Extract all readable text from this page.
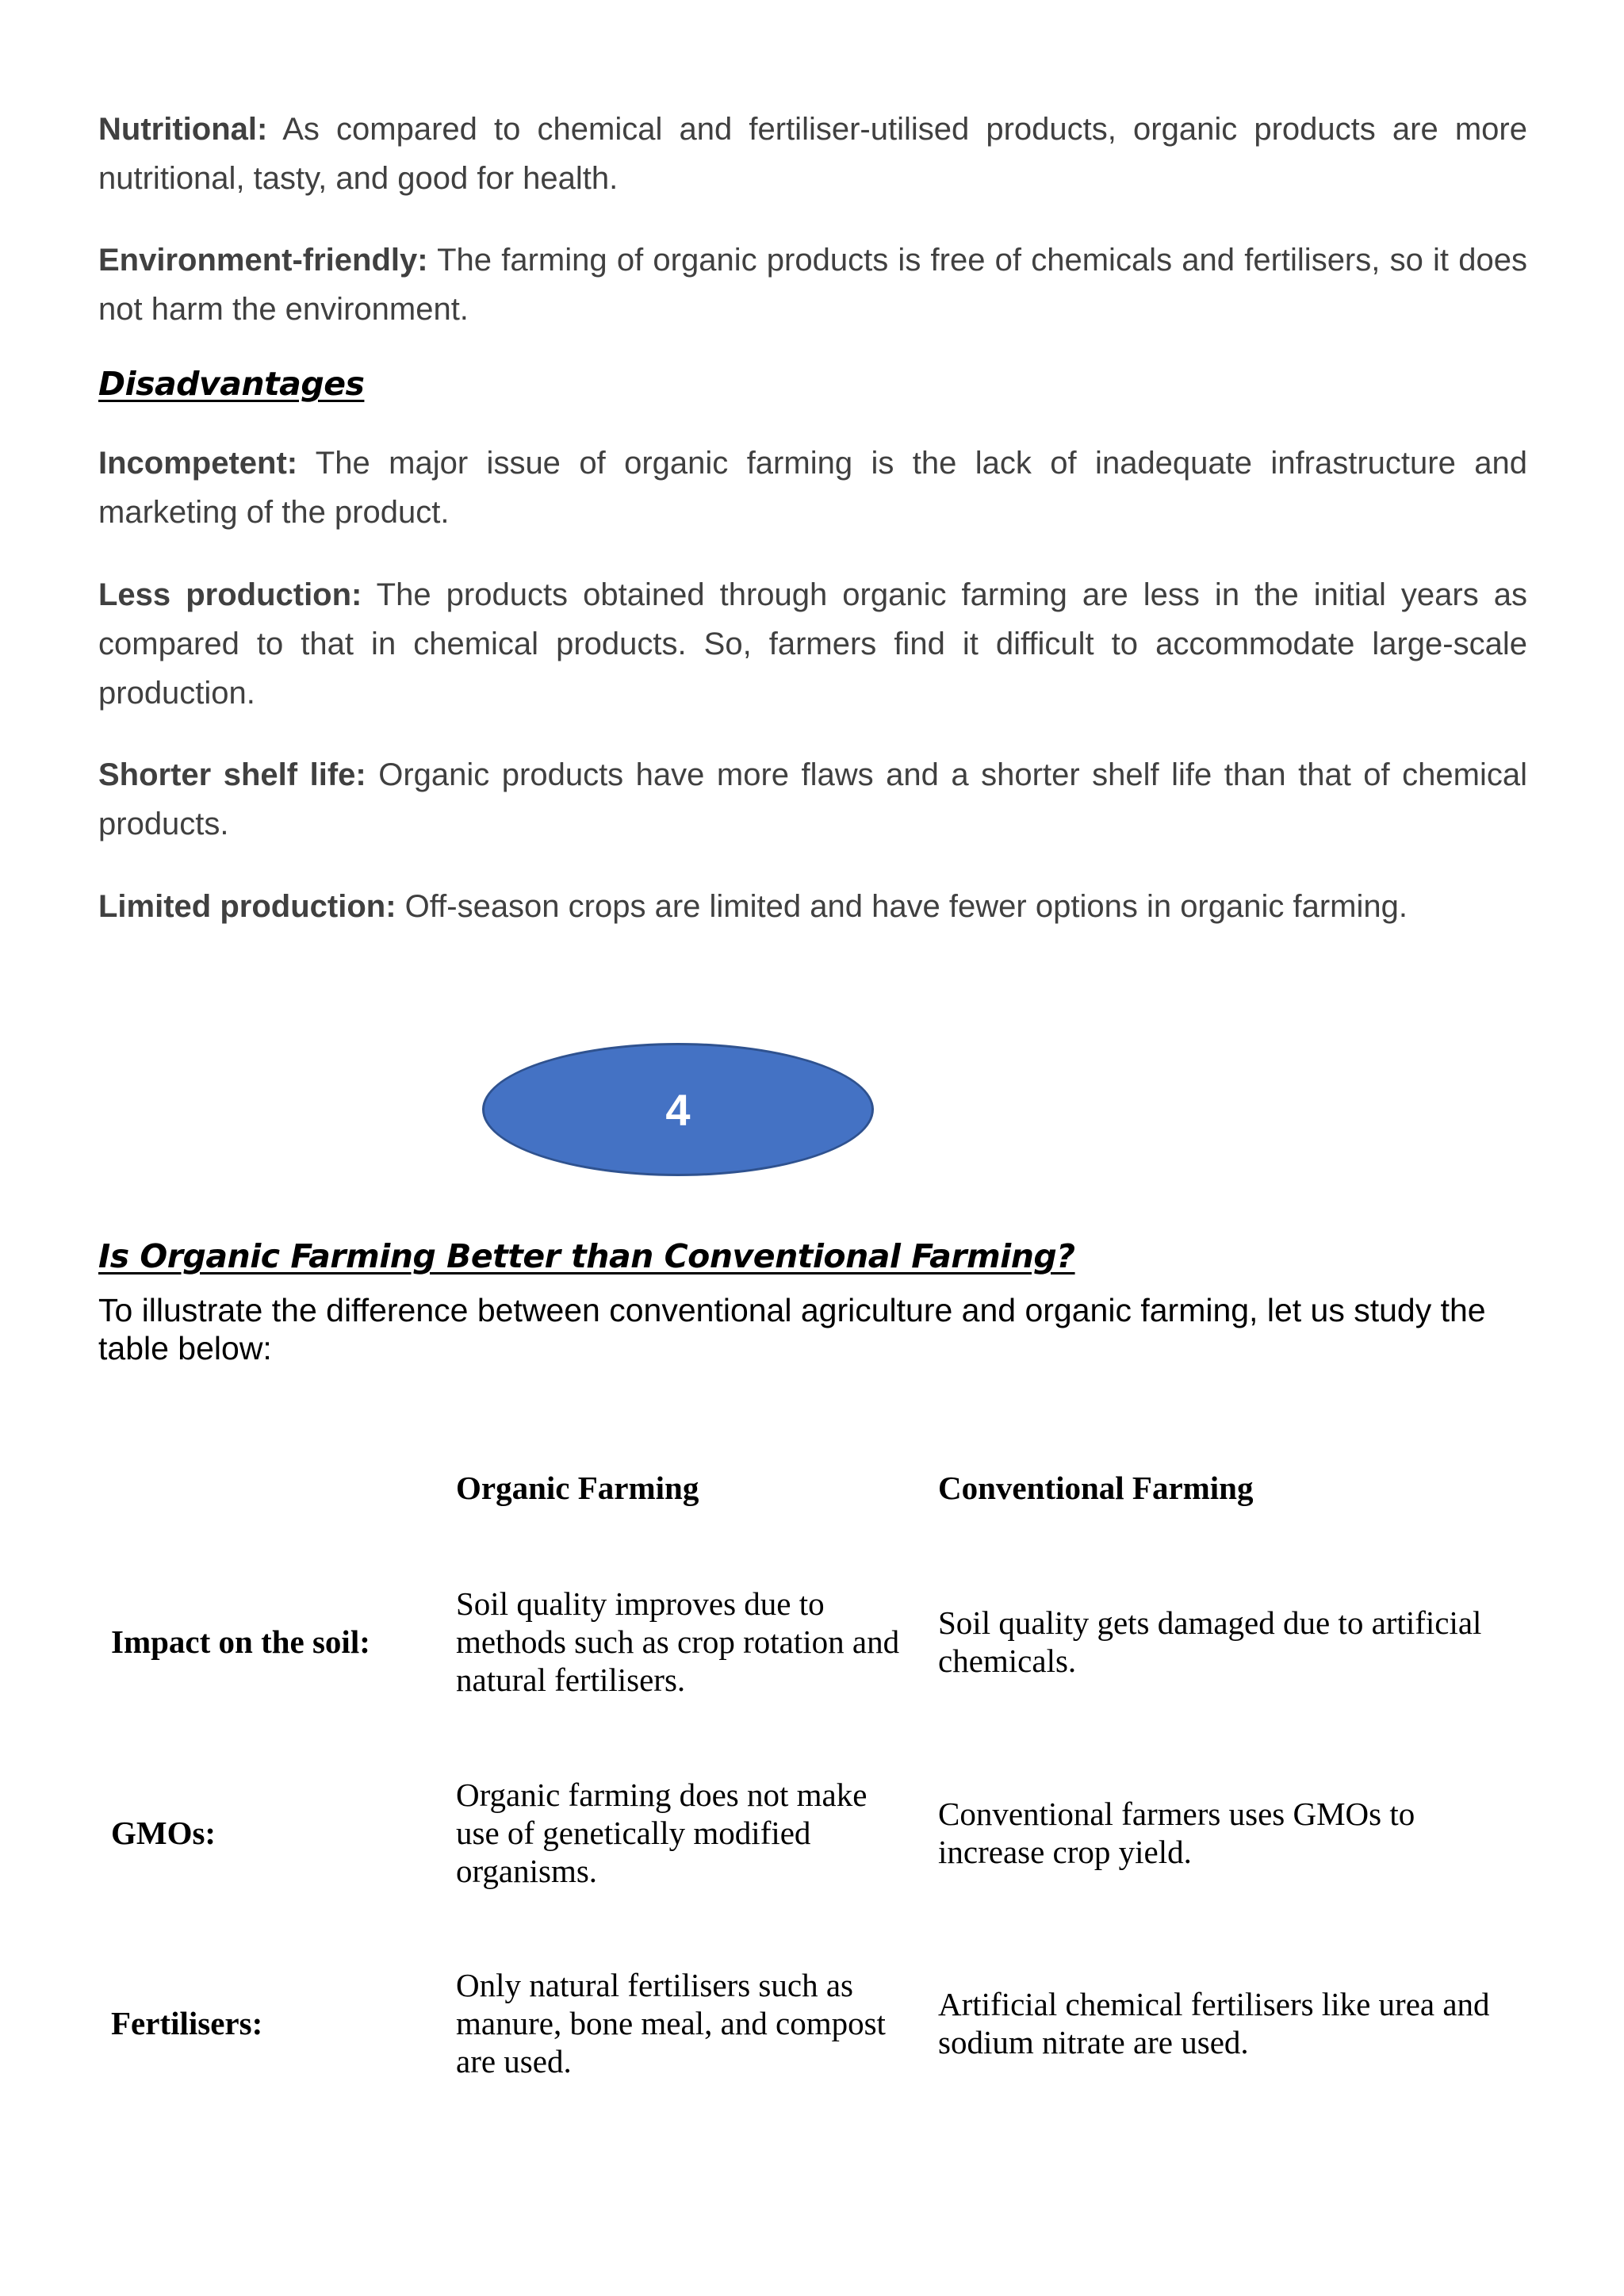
Nutritional: As compared to chemical and fertiliser-utilised products, organic products are more nutritional, tasty, and good for health.

Environment-friendly: The farming of organic products is free of chemicals and fertilisers, so it does not harm the environment.

Disadvantages

Incompetent: The major issue of organic farming is the lack of inadequate infrastructure and marketing of the product.

Less production: The products obtained through organic farming are less in the initial years as compared to that in chemical products. So, farmers find it difficult to accommodate large-scale production.

Shorter shelf life: Organic products have more flaws and a shorter shelf life than that of chemical products.

Limited production: Off-season crops are limited and have fewer options in organic farming.

4
Is Organic Farming Better than Conventional Farming?

To illustrate the difference between conventional agriculture and organic farming, let us study the table below:

Organic Farming	Conventional Farming
Impact on the soil:
Soil quality improves due to methods such as crop rotation and natural fertilisers.
Soil quality gets damaged due to artificial chemicals.
GMOs:
Organic farming does not make use of genetically modified organisms.
Conventional farmers uses GMOs to increase crop yield.
Fertilisers:
Only natural fertilisers such as manure, bone meal, and compost are used.
Artificial chemical fertilisers like urea and sodium nitrate are used.
